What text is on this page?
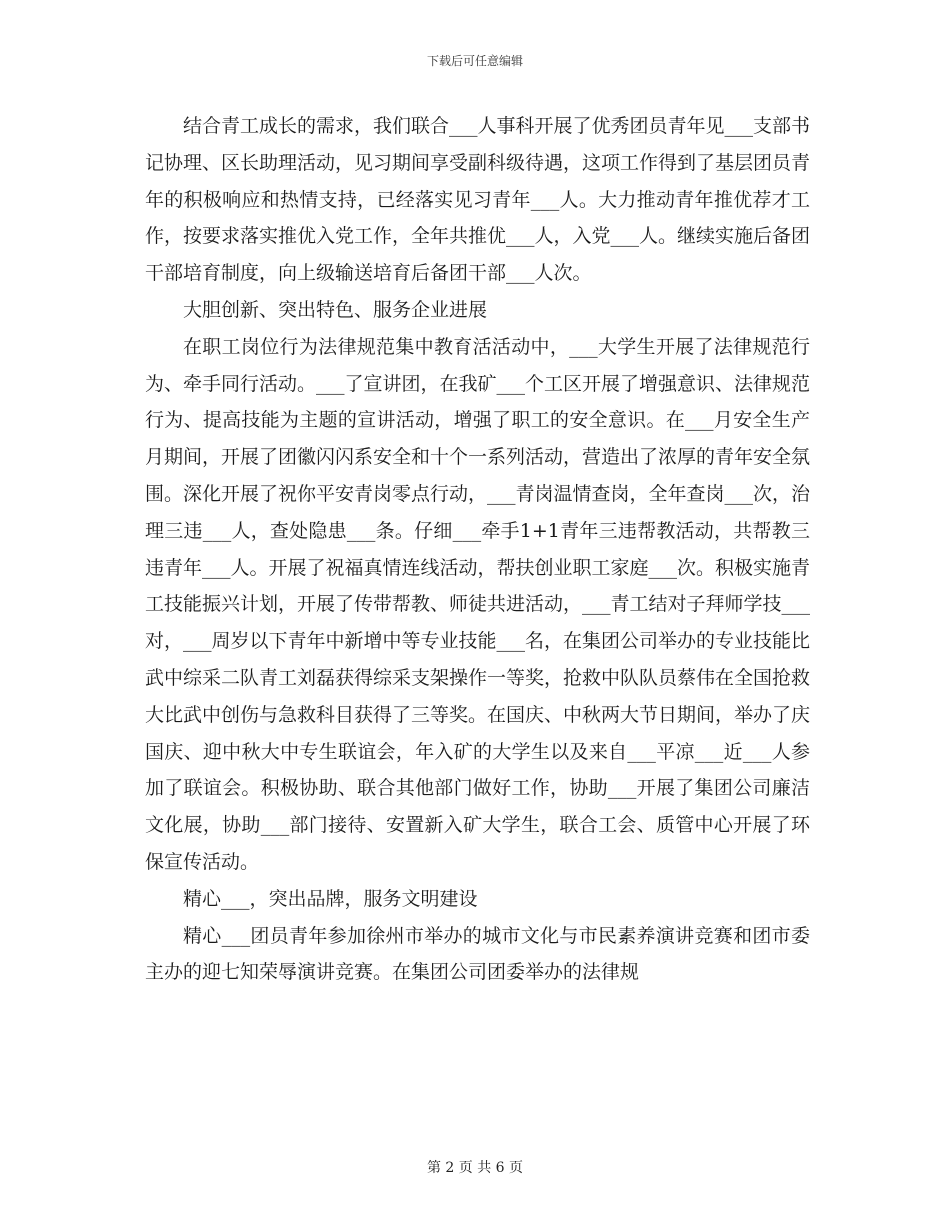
下载后可任意编辑

结合青工成长的需求，我们联合___人事科开展了优秀团员青年见___支部书记协理、区长助理活动，见习期间享受副科级待遇，这项工作得到了基层团员青年的积极响应和热情支持，已经落实见习青年___人。大力推动青年推优荐才工作，按要求落实推优入党工作，全年共推优___人，入党___人。继续实施后备团干部培育制度，向上级输送培育后备团干部___人次。

大胆创新、突出特色、服务企业进展

在职工岗位行为法律规范集中教育活活动中，___大学生开展了法律规范行为、牵手同行活动。___了宣讲团，在我矿___个工区开展了增强意识、法律规范行为、提高技能为主题的宣讲活动，增强了职工的安全意识。在___月安全生产月期间，开展了团徽闪闪系安全和十个一系列活动，营造出了浓厚的青年安全氛围。深化开展了祝你平安青岗零点行动，___青岗温情查岗，全年查岗___次，治理三违___人，查处隐患___条。仔细___牵手1+1青年三违帮教活动，共帮教三违青年___人。开展了祝福真情连线活动，帮扶创业职工家庭___次。积极实施青工技能振兴计划，开展了传带帮教、师徒共进活动，___青工结对子拜师学技___对，___周岁以下青年中新增中等专业技能___名，在集团公司举办的专业技能比武中综采二队青工刘磊获得综采支架操作一等奖，抢救中队队员蔡伟在全国抢救大比武中创伤与急救科目获得了三等奖。在国庆、中秋两大节日期间，举办了庆国庆、迎中秋大中专生联谊会，年入矿的大学生以及来自___平凉___近___人参加了联谊会。积极协助、联合其他部门做好工作，协助___开展了集团公司廉洁文化展，协助___部门接待、安置新入矿大学生，联合工会、质管中心开展了环保宣传活动。

精心___，突出品牌，服务文明建设

精心___团员青年参加徐州市举办的城市文化与市民素养演讲竞赛和团市委主办的迎七知荣辱演讲竞赛。在集团公司团委举办的法律规

第 2 页 共 6 页
